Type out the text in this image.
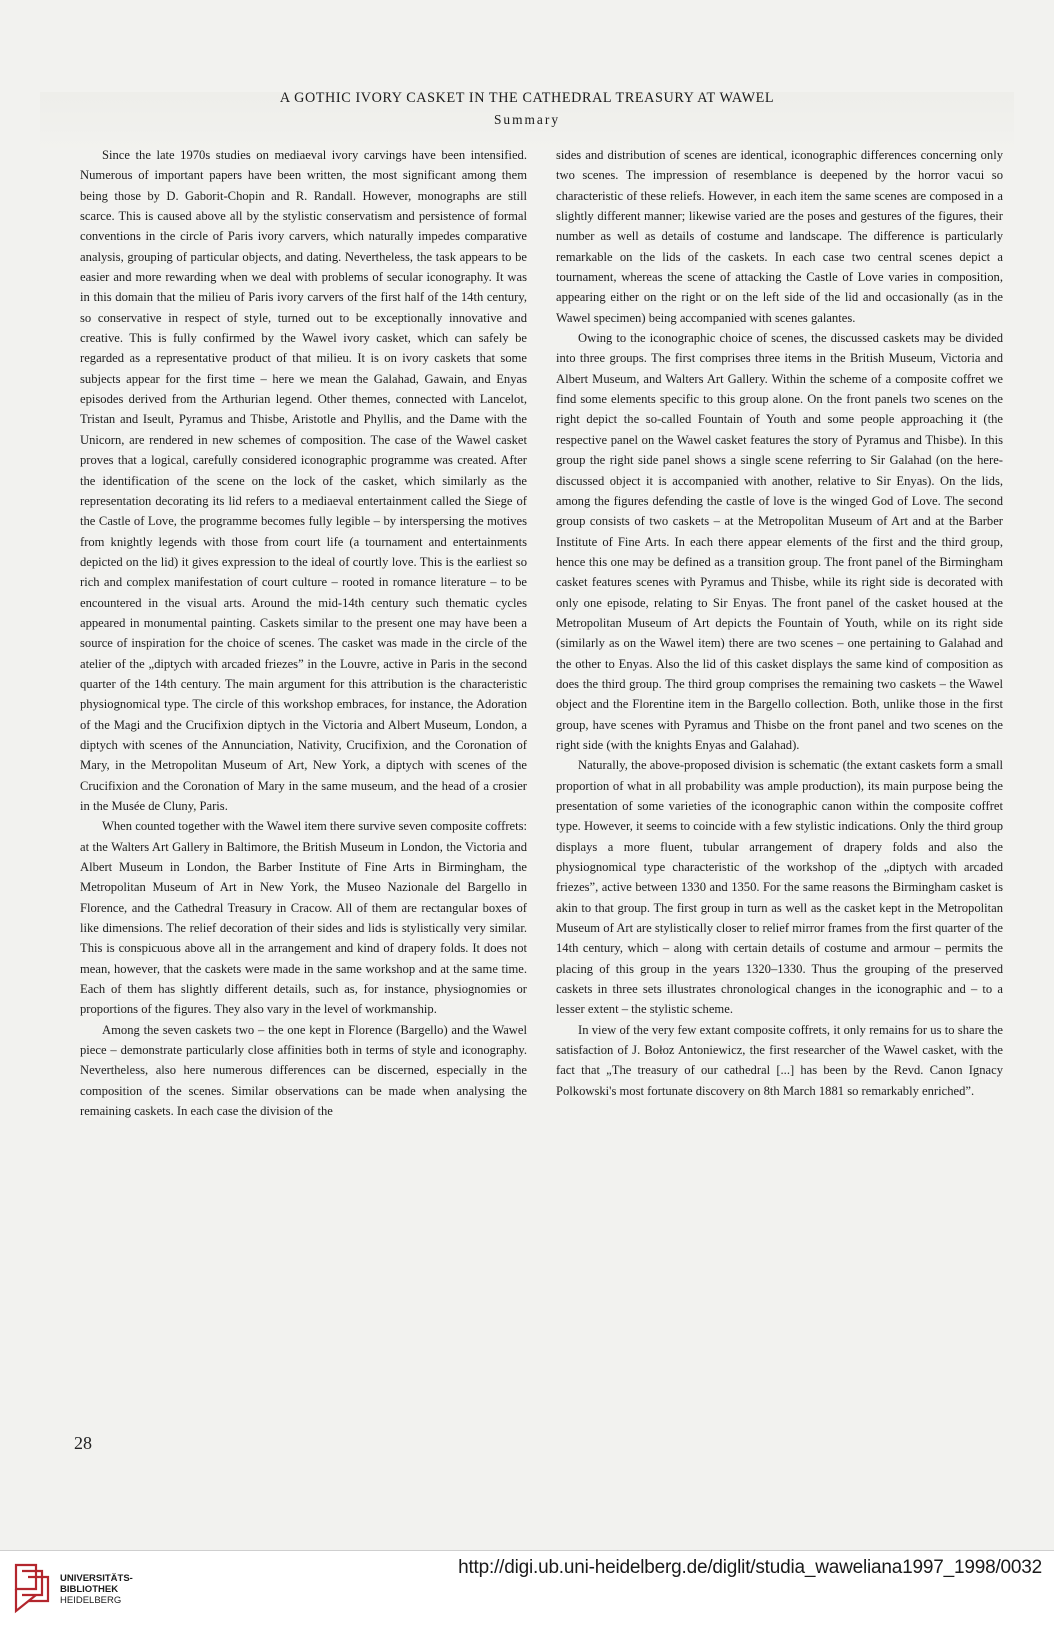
A GOTHIC IVORY CASKET IN THE CATHEDRAL TREASURY AT WAWEL
Summary

Since the late 1970s studies on mediaeval ivory carvings have been intensified. Numerous of important papers have been written, the most significant among them being those by D. Gaborit-Chopin and R. Randall. However, monographs are still scarce. This is caused above all by the stylistic conservatism and persistence of formal conventions in the circle of Paris ivory carvers, which naturally impedes comparative analysis, grouping of particular objects, and dating. Nevertheless, the task appears to be easier and more rewarding when we deal with problems of secular iconography. It was in this domain that the milieu of Paris ivory carvers of the first half of the 14th century, so conservative in respect of style, turned out to be exceptionally innovative and creative. This is fully confirmed by the Wawel ivory casket, which can safely be regarded as a representative product of that milieu. It is on ivory caskets that some subjects appear for the first time – here we mean the Galahad, Gawain, and Enyas episodes derived from the Arthurian legend. Other themes, connected with Lancelot, Tristan and Iseult, Pyramus and Thisbe, Aristotle and Phyllis, and the Dame with the Unicorn, are rendered in new schemes of composition. The case of the Wawel casket proves that a logical, carefully considered iconographic programme was created. After the identification of the scene on the lock of the casket, which similarly as the representation decorating its lid refers to a mediaeval entertainment called the Siege of the Castle of Love, the programme becomes fully legible – by interspersing the motives from knightly legends with those from court life (a tournament and entertainments depicted on the lid) it gives expression to the ideal of courtly love. This is the earliest so rich and complex manifestation of court culture – rooted in romance literature – to be encountered in the visual arts. Around the mid-14th century such thematic cycles appeared in monumental painting. Caskets similar to the present one may have been a source of inspiration for the choice of scenes. The casket was made in the circle of the atelier of the „diptych with arcaded friezes” in the Louvre, active in Paris in the second quarter of the 14th century. The main argument for this attribution is the characteristic physiognomical type. The circle of this workshop embraces, for instance, the Adoration of the Magi and the Crucifixion diptych in the Victoria and Albert Museum, London, a diptych with scenes of the Annunciation, Nativity, Crucifixion, and the Coronation of Mary, in the Metropolitan Museum of Art, New York, a diptych with scenes of the Crucifixion and the Coronation of Mary in the same museum, and the head of a crosier in the Musée de Cluny, Paris.

When counted together with the Wawel item there survive seven composite coffrets: at the Walters Art Gallery in Baltimore, the British Museum in London, the Victoria and Albert Museum in London, the Barber Institute of Fine Arts in Birmingham, the Metropolitan Museum of Art in New York, the Museo Nazionale del Bargello in Florence, and the Cathedral Treasury in Cracow. All of them are rectangular boxes of like dimensions. The relief decoration of their sides and lids is stylistically very similar. This is conspicuous above all in the arrangement and kind of drapery folds. It does not mean, however, that the caskets were made in the same workshop and at the same time. Each of them has slightly different details, such as, for instance, physiognomies or proportions of the figures. They also vary in the level of workmanship.

Among the seven caskets two – the one kept in Florence (Bargello) and the Wawel piece – demonstrate particularly close affinities both in terms of style and iconography. Nevertheless, also here numerous differences can be discerned, especially in the composition of the scenes. Similar observations can be made when analysing the remaining caskets. In each case the division of the

sides and distribution of scenes are identical, iconographic differences concerning only two scenes. The impression of resemblance is deepened by the horror vacui so characteristic of these reliefs. However, in each item the same scenes are composed in a slightly different manner; likewise varied are the poses and gestures of the figures, their number as well as details of costume and landscape. The difference is particularly remarkable on the lids of the caskets. In each case two central scenes depict a tournament, whereas the scene of attacking the Castle of Love varies in composition, appearing either on the right or on the left side of the lid and occasionally (as in the Wawel specimen) being accompanied with scenes galantes.

Owing to the iconographic choice of scenes, the discussed caskets may be divided into three groups. The first comprises three items in the British Museum, Victoria and Albert Museum, and Walters Art Gallery. Within the scheme of a composite coffret we find some elements specific to this group alone. On the front panels two scenes on the right depict the so-called Fountain of Youth and some people approaching it (the respective panel on the Wawel casket features the story of Pyramus and Thisbe). In this group the right side panel shows a single scene referring to Sir Galahad (on the here-discussed object it is accompanied with another, relative to Sir Enyas). On the lids, among the figures defending the castle of love is the winged God of Love. The second group consists of two caskets – at the Metropolitan Museum of Art and at the Barber Institute of Fine Arts. In each there appear elements of the first and the third group, hence this one may be defined as a transition group. The front panel of the Birmingham casket features scenes with Pyramus and Thisbe, while its right side is decorated with only one episode, relating to Sir Enyas. The front panel of the casket housed at the Metropolitan Museum of Art depicts the Fountain of Youth, while on its right side (similarly as on the Wawel item) there are two scenes – one pertaining to Galahad and the other to Enyas. Also the lid of this casket displays the same kind of composition as does the third group. The third group comprises the remaining two caskets – the Wawel object and the Florentine item in the Bargello collection. Both, unlike those in the first group, have scenes with Pyramus and Thisbe on the front panel and two scenes on the right side (with the knights Enyas and Galahad).

Naturally, the above-proposed division is schematic (the extant caskets form a small proportion of what in all probability was ample production), its main purpose being the presentation of some varieties of the iconographic canon within the composite coffret type. However, it seems to coincide with a few stylistic indications. Only the third group displays a more fluent, tubular arrangement of drapery folds and also the physiognomical type characteristic of the workshop of the „diptych with arcaded friezes”, active between 1330 and 1350. For the same reasons the Birmingham casket is akin to that group. The first group in turn as well as the casket kept in the Metropolitan Museum of Art are stylistically closer to relief mirror frames from the first quarter of the 14th century, which – along with certain details of costume and armour – permits the placing of this group in the years 1320–1330. Thus the grouping of the preserved caskets in three sets illustrates chronological changes in the iconographic and – to a lesser extent – the stylistic scheme.

In view of the very few extant composite coffrets, it only remains for us to share the satisfaction of J. Bołoz Antoniewicz, the first researcher of the Wawel casket, with the fact that „The treasury of our cathedral [...] has been by the Revd. Canon Ignacy Polkowski's most fortunate discovery on 8th March 1881 so remarkably enriched”.

28
UNIVERSITÄTS-
BIBLIOTHEK
HEIDELBERG
http://digi.ub.uni-heidelberg.de/diglit/studia_waweliana1997_1998/0032
